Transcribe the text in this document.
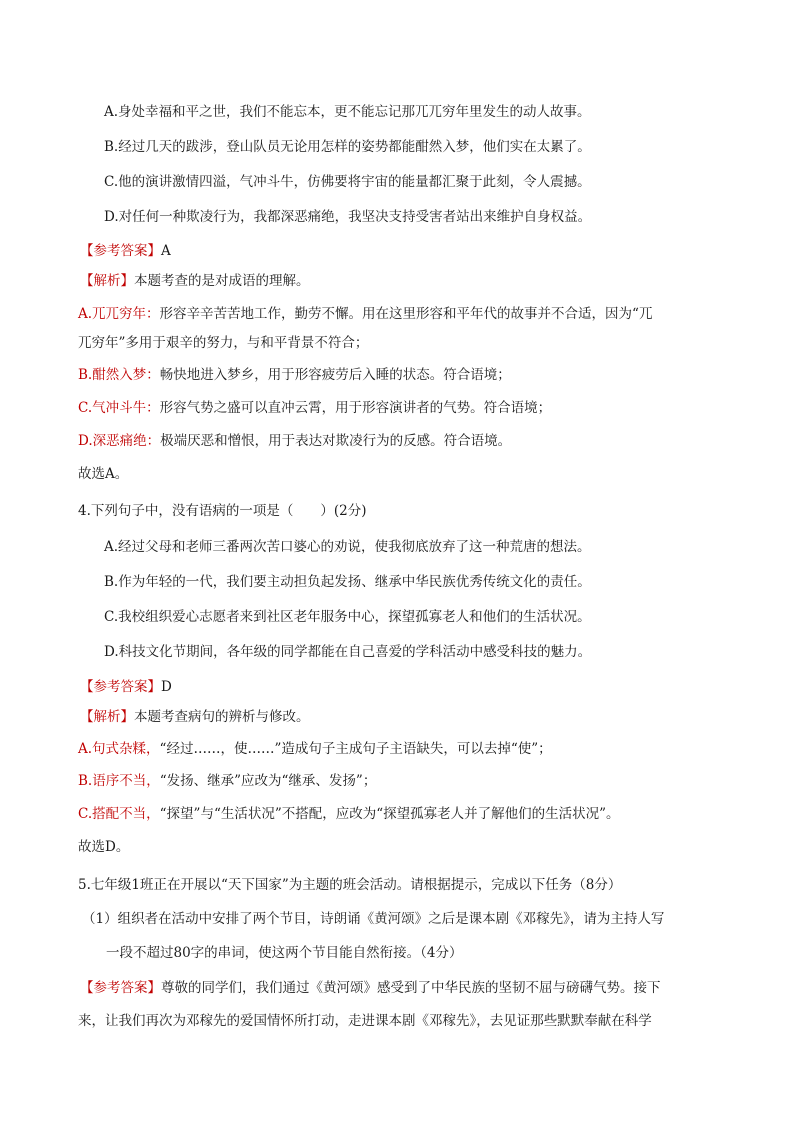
A.身处幸福和平之世，我们不能忘本，更不能忘记那兀兀穷年里发生的动人故事。
B.经过几天的跋涉，登山队员无论用怎样的姿势都能酣然入梦，他们实在太累了。
C.他的演讲激情四溢，气冲斗牛，仿佛要将宇宙的能量都汇聚于此刻，令人震撼。
D.对任何一种欺凌行为，我都深恶痛绝，我坚决支持受害者站出来维护自身权益。
【参考答案】A
【解析】本题考查的是对成语的理解。
A.兀兀穷年：形容辛辛苦苦地工作，勤劳不懈。用在这里形容和平年代的故事并不合适，因为“兀
兀穷年”多用于艰辛的努力，与和平背景不符合；
B.酣然入梦：畅快地进入梦乡，用于形容疲劳后入睡的状态。符合语境；
C.气冲斗牛：形容气势之盛可以直冲云霄，用于形容演讲者的气势。符合语境；
D.深恶痛绝：极端厌恶和憎恨，用于表达对欺凌行为的反感。符合语境。
故选A。
4.下列句子中，没有语病的一项是（　　）(2分)
A.经过父母和老师三番两次苦口婆心的劝说，使我彻底放弃了这一种荒唐的想法。
B.作为年轻的一代，我们要主动担负起发扬、继承中华民族优秀传统文化的责任。
C.我校组织爱心志愿者来到社区老年服务中心，探望孤寡老人和他们的生活状况。
D.科技文化节期间，各年级的同学都能在自己喜爱的学科活动中感受科技的魅力。
【参考答案】D
【解析】本题考查病句的辨析与修改。
A.句式杂糅，“经过……，使……”造成句子主成句子主语缺失，可以去掉“使”；
B.语序不当，“发扬、继承”应改为“继承、发扬”；
C.搭配不当，“探望”与“生活状况”不搭配，应改为“探望孤寡老人并了解他们的生活状况”。
故选D。
5.七年级1班正在开展以“天下国家”为主题的班会活动。请根据提示，完成以下任务（8分）
（1）组织者在活动中安排了两个节目，诗朗诵《黄河颂》之后是课本剧《邓稼先》，请为主持人写
一段不超过80字的串词，使这两个节目能自然衔接。（4分）
【参考答案】尊敬的同学们，我们通过《黄河颂》感受到了中华民族的坚韧不屈与磅礴气势。接下
来，让我们再次为邓稼先的爱国情怀所打动，走进课本剧《邓稼先》，去见证那些默默奉献在科学
